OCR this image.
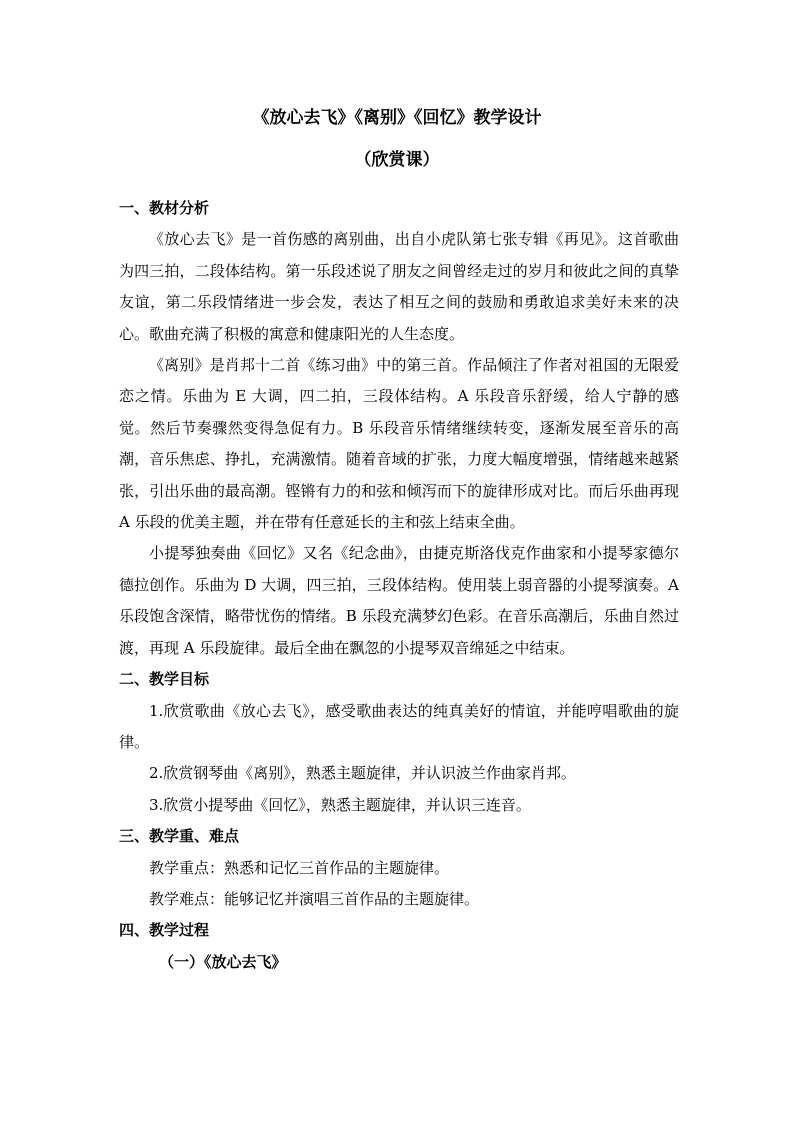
《放心去飞》《离别》《回忆》教学设计
（欣赏课）

一、教材分析

《放心去飞》是一首伤感的离别曲，出自小虎队第七张专辑《再见》。这首歌曲为四三拍，二段体结构。第一乐段述说了朋友之间曾经走过的岁月和彼此之间的真挚友谊，第二乐段情绪进一步会发，表达了相互之间的鼓励和勇敢追求美好未来的决心。歌曲充满了积极的寓意和健康阳光的人生态度。

《离别》是肖邦十二首《练习曲》中的第三首。作品倾注了作者对祖国的无限爱恋之情。乐曲为 E 大调，四二拍，三段体结构。A 乐段音乐舒缓，给人宁静的感觉。然后节奏骤然变得急促有力。B 乐段音乐情绪继续转变，逐渐发展至音乐的高潮，音乐焦虑、挣扎，充满激情。随着音域的扩张，力度大幅度增强，情绪越来越紧张，引出乐曲的最高潮。铿锵有力的和弦和倾泻而下的旋律形成对比。而后乐曲再现 A 乐段的优美主题，并在带有任意延长的主和弦上结束全曲。

小提琴独奏曲《回忆》又名《纪念曲》，由捷克斯洛伐克作曲家和小提琴家德尔德拉创作。乐曲为 D 大调，四三拍，三段体结构。使用装上弱音器的小提琴演奏。A 乐段饱含深情，略带忧伤的情绪。B 乐段充满梦幻色彩。在音乐高潮后，乐曲自然过渡，再现 A 乐段旋律。最后全曲在飘忽的小提琴双音绵延之中结束。

二、教学目标

1.欣赏歌曲《放心去飞》，感受歌曲表达的纯真美好的情谊，并能哼唱歌曲的旋律。

2.欣赏钢琴曲《离别》，熟悉主题旋律，并认识波兰作曲家肖邦。

3.欣赏小提琴曲《回忆》，熟悉主题旋律，并认识三连音。

三、教学重、难点

教学重点：熟悉和记忆三首作品的主题旋律。

教学难点：能够记忆并演唱三首作品的主题旋律。

四、教学过程

（一）《放心去飞》
